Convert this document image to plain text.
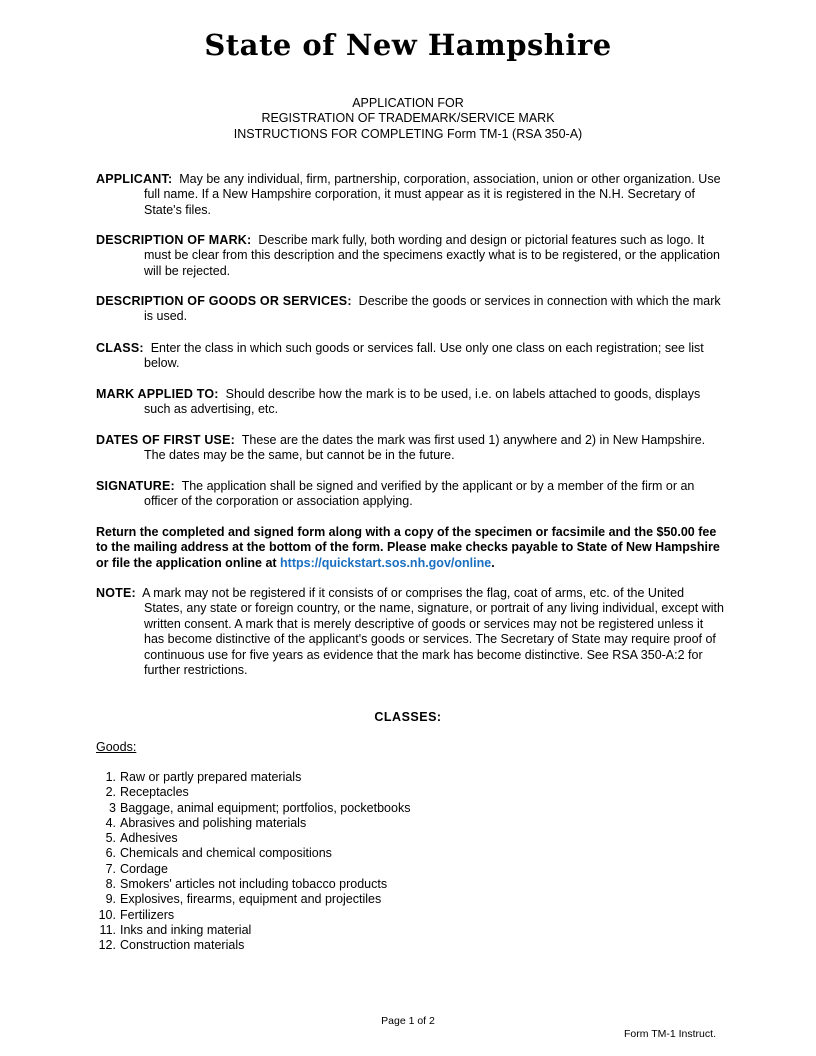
State of New Hampshire
APPLICATION FOR
REGISTRATION OF TRADEMARK/SERVICE MARK
INSTRUCTIONS FOR COMPLETING Form TM-1 (RSA 350-A)
APPLICANT: May be any individual, firm, partnership, corporation, association, union or other organization. Use full name. If a New Hampshire corporation, it must appear as it is registered in the N.H. Secretary of State's files.
DESCRIPTION OF MARK: Describe mark fully, both wording and design or pictorial features such as logo. It must be clear from this description and the specimens exactly what is to be registered, or the application will be rejected.
DESCRIPTION OF GOODS OR SERVICES: Describe the goods or services in connection with which the mark is used.
CLASS: Enter the class in which such goods or services fall. Use only one class on each registration; see list below.
MARK APPLIED TO: Should describe how the mark is to be used, i.e. on labels attached to goods, displays such as advertising, etc.
DATES OF FIRST USE: These are the dates the mark was first used 1) anywhere and 2) in New Hampshire. The dates may be the same, but cannot be in the future.
SIGNATURE: The application shall be signed and verified by the applicant or by a member of the firm or an officer of the corporation or association applying.
Return the completed and signed form along with a copy of the specimen or facsimile and the $50.00 fee to the mailing address at the bottom of the form. Please make checks payable to State of New Hampshire or file the application online at https://quickstart.sos.nh.gov/online.
NOTE: A mark may not be registered if it consists of or comprises the flag, coat of arms, etc. of the United States, any state or foreign country, or the name, signature, or portrait of any living individual, except with written consent. A mark that is merely descriptive of goods or services may not be registered unless it has become distinctive of the applicant's goods or services. The Secretary of State may require proof of continuous use for five years as evidence that the mark has become distinctive. See RSA 350-A:2 for further restrictions.
CLASSES:
Goods:
1. Raw or partly prepared materials
2. Receptacles
3 Baggage, animal equipment; portfolios, pocketbooks
4. Abrasives and polishing materials
5. Adhesives
6. Chemicals and chemical compositions
7. Cordage
8. Smokers' articles not including tobacco products
9. Explosives, firearms, equipment and projectiles
10. Fertilizers
11. Inks and inking material
12. Construction materials
Page 1 of 2
Form TM-1 Instruct.
